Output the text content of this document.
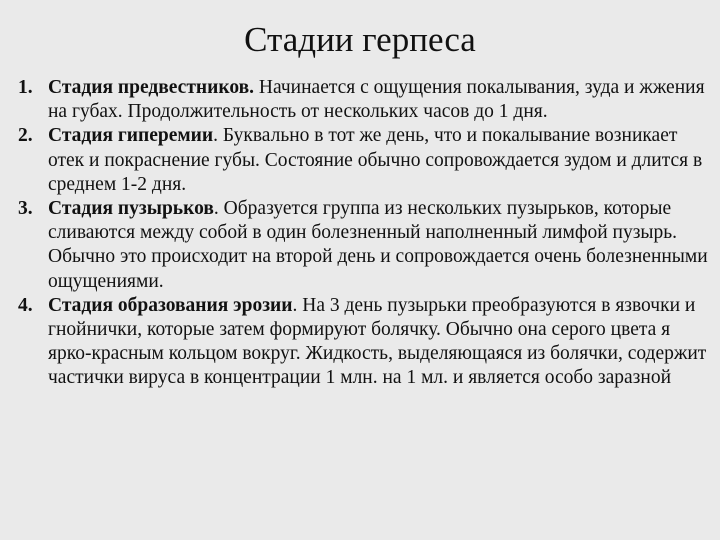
Стадии герпеса
1. Стадия предвестников. Начинается с ощущения покалывания, зуда и жжения на губах. Продолжительность от нескольких часов до 1 дня.
2. Стадия гиперемии. Буквально в тот же день, что и покалывание возникает отек и покраснение губы. Состояние обычно сопровождается зудом и длится в среднем 1-2 дня.
3. Стадия пузырьков. Образуется группа из нескольких пузырьков, которые сливаются между собой в один болезненный наполненный лимфой пузырь. Обычно это происходит на второй день и сопровождается очень болезненными ощущениями.
4. Стадия образования эрозии. На 3 день пузырьки преобразуются в язвочки и гнойнички, которые затем формируют болячку. Обычно она серого цвета я ярко-красным кольцом вокруг. Жидкость, выделяющаяся из болячки, содержит частички вируса в концентрации 1 млн. на 1 мл. и является особо заразной
